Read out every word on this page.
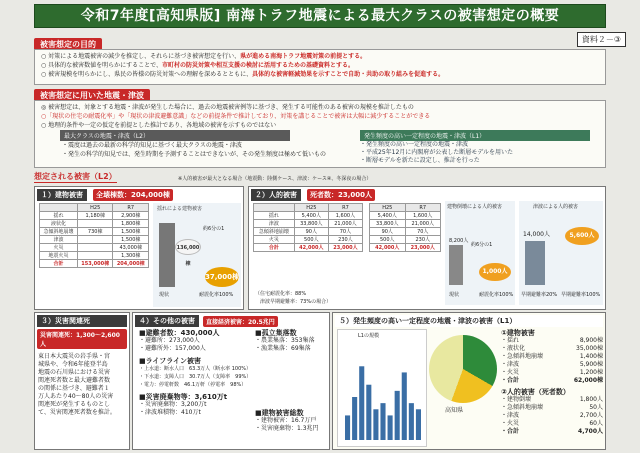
令和7年度[高知県版] 南海トラフ地震による最大クラスの被害想定の概要
資料２－③
被害想定の目的
○ 対策による地震被害の減少を推定し、それらに基づき被害想定を行い、県が進める南海トラフ地震対策の前提とする。
○ 具体的な被害数値を明らかにすることで、市町村の防災対策や相互支援の検討に活用するための基礎資料とする。
○ 被害規模を明らかにし、県民の皆様の防災対策への理解を深めるとともに、具体的な被害軽減効果を示すことで自助・共助の取り組みを促進する。
被害想定に用いた地震・津波
◎ 被害想定は、対象とする地震・津波が発生した場合に、過去の地震被害例等に基づき、発生する可能性のある被害の規模を推計したもの
○「現状の住宅の耐震化率」や「現状の津波避難意識」などの前提条件で推計しており、対策を講じることで被害は大幅に減少することができる
○ 地理的条件や一定の仮定を前提とした推計であり、各地域の被害を示すものではない
最大クラスの地震・津波（L2）
・震度は過去の最新の科学的知見に基づく最大クラスの地震・津波
・発生の科学的知見では、発生時期を予測することはできないが、その発生頻度は極めて低いもの
発生頻度の高い一定程度の地震・津波（L1）
・発生頻度の高い一定程度の地震・津波
・平成25年12月に内閣府が公表した断層モデルを用いた
・断層モデルを新たに設定し、推計を行った
想定される被害（L2）	※人的被害が最大となる場合（地震動：陸側ケース、津波：ケース④、冬深夜の場合）
１）建物被害	全壊棟数：204,000棟
	H25	R7
揺れ	1,180棟	2,900棟
液状化		1,800棟
急傾斜地崩壊	730棟	1,500棟
津波		1,500棟
火災		43,000棟
地震火災		1,300棟
合計	153,000棟	204,000棟
揺れによる建物被害
136,000棟
約6分の1
37,000棟
現状	耐震化率100%
２）人的被害	死者数：23,000人
	H25	R7
揺れ	5,400人	1,600人
津波	33,800人	21,000人
急傾斜地崩壊	90人	70人
火災	500人	230人
合計	42,000人	23,000人
（住宅耐震化率：88%
　津波早期避難率：73%の場合）
H25	R7
5,400人	1,600人
33,800人	21,000人
90人	70人
500人	230人
42,000人	23,000人
建物倒壊による人的被害
8,200人
約6分の1
1,000人
現状	耐震化率100%
津波による人的被害
14,000人	5,600人
早期避難率20% 早期避難率100%
３）災害関連死
災害関連死：1,300～2,600人
東日本大震災の岩手県・宮
城県や、令和6年能登半島
地震の石川県における災害
関連死者数と最大避難者数
の関係に基づき、避難者１
万人あたり40～80人の災害
関連死が発生するものとし
て、災害関連死者数を推計。
４）その他の被害	直接経済被害：20.5兆円
■避難者数：430,000人
・避難所：273,000人
・避難所外：157,000人
■ライフライン被害
・上水道：断水人口　63.3万人（断水率 100%）
・下水道：支障人口　30.7万人（支障率　99%）
・電力：停電軒数　46.1万軒（停電率　98%）
■災害廃棄物等：3,610万t
・災害廃棄物：3,200万t
・津波堆積物：410万t
■孤立集落数
・農業集落：353集落
・漁業集落：69集落
■建物被害総数
・建物被害：16.7万戸
・災害廃棄物：1.3兆円
５）発生頻度の高い一定程度の地震・津波の被害（L1）
L1の規模
高知県
①建物被害
・揺れ	8,900棟
・液状化	35,000棟
・急傾斜地崩壊	1,400棟
・津波	5,900棟
・火災	1,200棟
・合計	62,000棟
②人的被害（死者数）
・建物倒壊	1,800人
・急傾斜地崩壊	50人
・津波	2,700人
・火災	60人
・合計	4,700人
